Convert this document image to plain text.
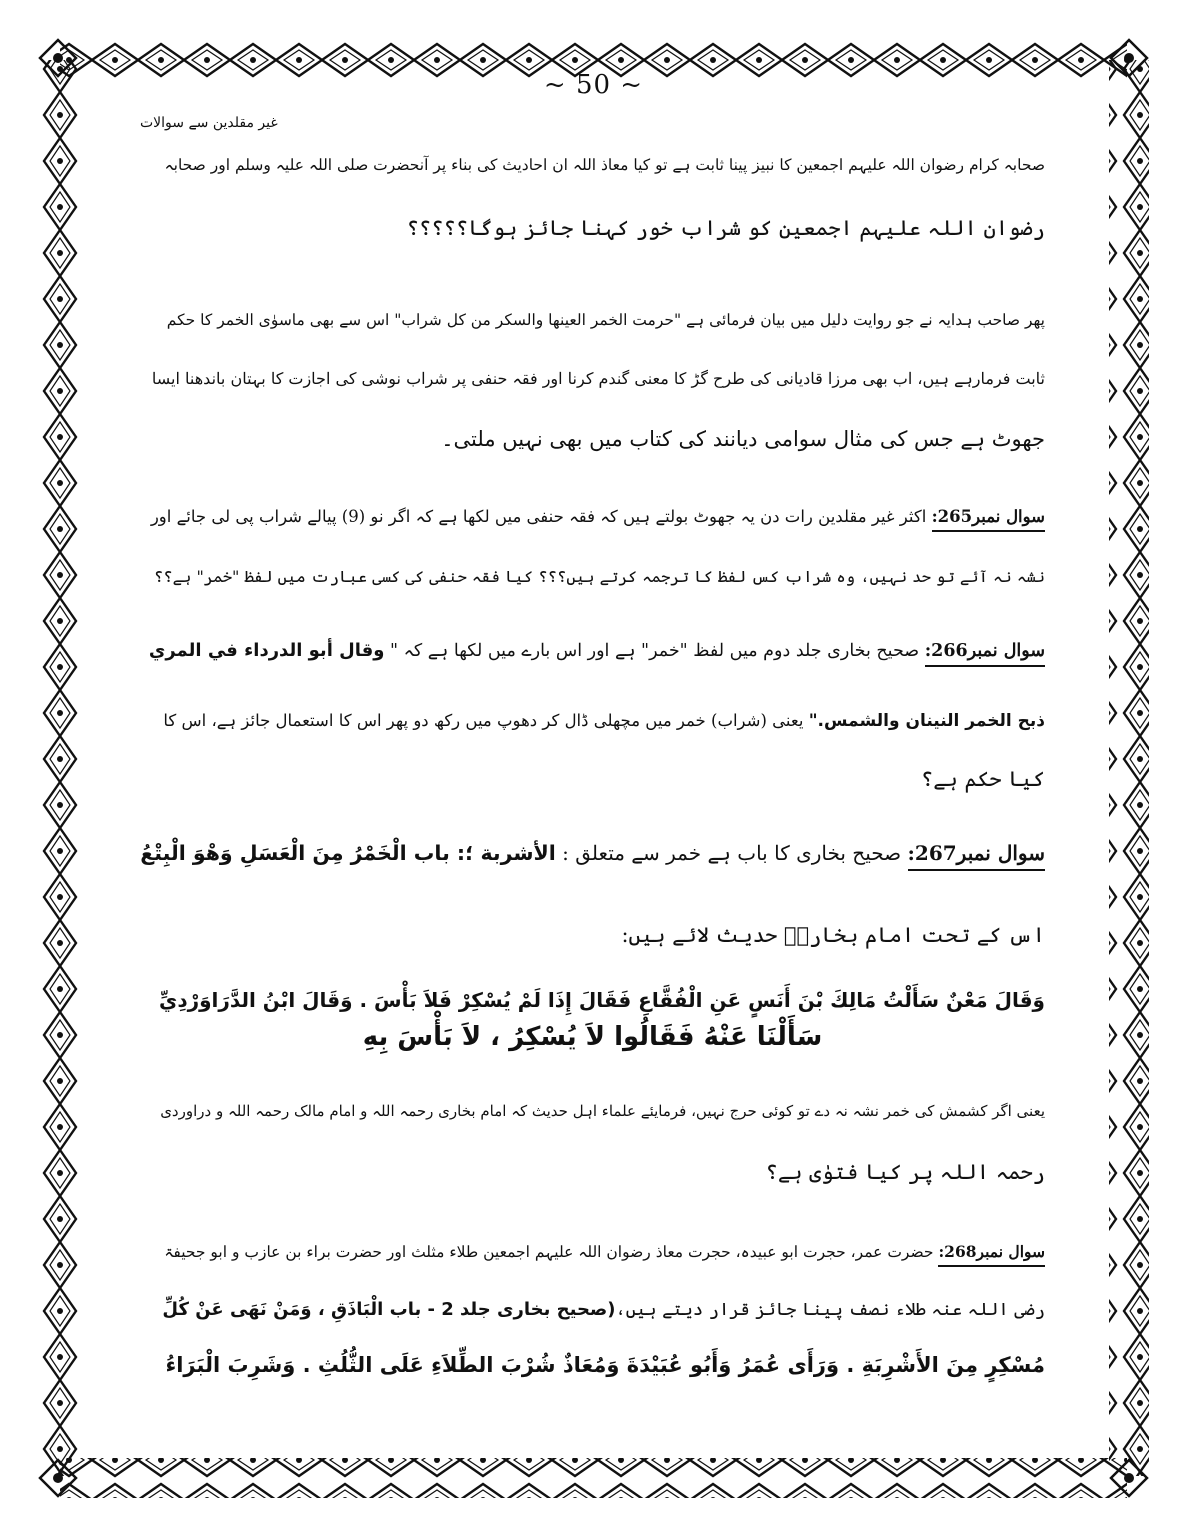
~ 50 ~
غیر مقلدین سے سوالات
صحابہ کرام رضوان اللہ علیہم اجمعین کا نبیز پینا ثابت ہے تو کیا معاذ اللہ ان احادیث کی بناء پر آنحضرت صلی اللہ علیہ وسلم اور صحابہ
رضوان اللہ علیہم اجمعین کو شراب خور کہنا جائز ہوگا؟؟؟؟؟
پھر صاحب ہدایہ نے جو روایت دلیل میں بیان فرمائی ہے "حرمت الخمر العینھا والسکر من کل شراب" اس سے بھی ماسوٰی الخمر کا حکم
ثابت فرمارہے ہیں، اب بھی مرزا قادیانی کی طرح گڑ کا معنی گندم کرنا اور فقہ حنفی پر شراب نوشی کی اجازت کا بہتان باندھنا ایسا
جھوٹ ہے جس کی مثال سوامی دیانند کی کتاب میں بھی نہیں ملتی۔
سوال نمبر265: اکثر غیر مقلدین رات دن یہ جھوٹ بولتے ہیں کہ فقہ حنفی میں لکھا ہے کہ اگر نو (9) پیالے شراب پی لی جائے اور
نشہ نہ آئے تو حد نہیں، وہ شراب کس لفظ کا ترجمہ کرتے ہیں؟؟؟ کیا فقہ حنفی کی کسی عبارت میں لفظ "خمر" ہے؟؟
سوال نمبر266: صحیح بخاری جلد دوم میں لفظ "خمر" ہے اور اس بارے میں لکھا ہے کہ " وقال أبو الدرداء في المري
ذبح الخمر النينان والشمس." یعنی (شراب) خمر میں مچھلی ڈال کر دھوپ میں رکھ دو پھر اس کا استعمال جائز ہے، اس کا
کیا حکم ہے؟
سوال نمبر267: صحیح بخاری کا باب ہے خمر سے متعلق : الأشربة ؛: باب الْخَمْرُ مِنَ الْعَسَلِ وَهْوَ الْبِتْعُ
اس کے تحت امام بخاریؒ حدیث لائے ہیں:
وَقَالَ مَعْنٌ سَأَلْتُ مَالِكَ بْنَ أَنَسٍ عَنِ الْفُقَّاعِ فَقَالَ إِذَا لَمْ يُسْكِرْ فَلاَ بَأْسَ . وَقَالَ ابْنُ الدَّرَاوَرْدِيِّ
سَأَلْنَا عَنْهُ فَقَالُوا لاَ يُسْكِرُ ، لاَ بَأْسَ بِهِ
یعنی اگر کشمش کی خمر نشہ نہ دے تو کوئی حرج نہیں، فرمایئے علماء اہل حدیث کہ امام بخاری رحمہ اللہ و امام مالک رحمہ اللہ و دراوردی
رحمہ اللہ پر کیا فتوٰی ہے؟
سوال نمبر268: حضرت عمر، حجرت ابو عبیدہ، حجرت معاذ رضوان اللہ علیہم اجمعین طلاء مثلث اور حضرت براء بن عازب و ابو جحیفۃ
رضی اللہ عنہ طلاء نصف پینا جائز قرار دیتے ہیں،(صحيح بخارى جلد 2 - باب الْبَاذَقِ ، وَمَنْ نَهَى عَنْ كُلِّ
مُسْكِرٍ مِنَ الأَشْرِبَةِ . وَرَأَى عُمَرُ وَأَبُو عُبَيْدَةَ وَمُعَاذٌ شُرْبَ الطِّلاَءِ عَلَى الثُّلُثِ . وَشَرِبَ الْبَرَاءُ
